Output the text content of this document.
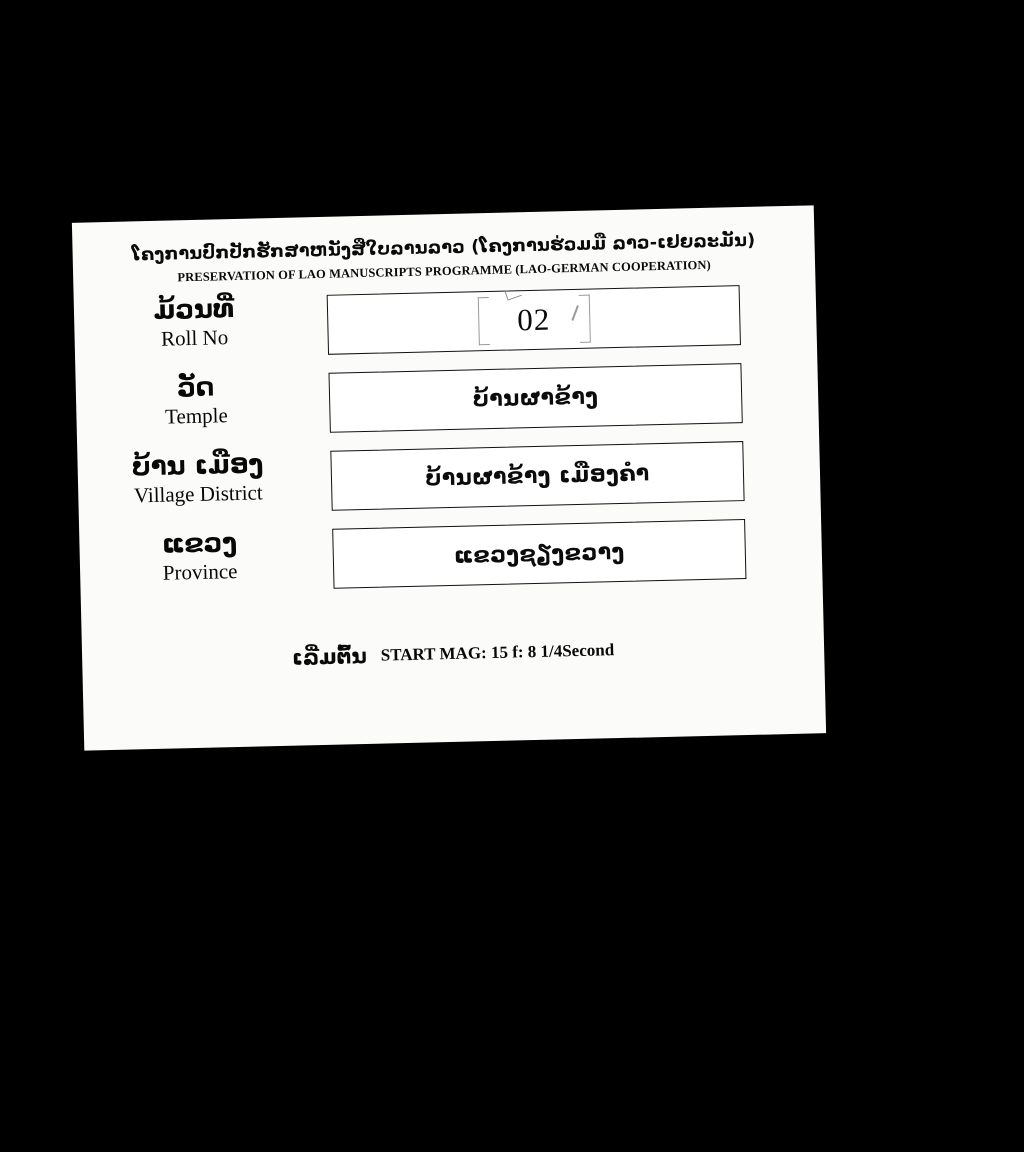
ໂຄງການປົກປັກຮັກສາຫນັງສືໃບລານລາວ (ໂຄງການຮ່ວມມື ລາວ-ເຢຍລະມັນ)
PRESERVATION OF LAO MANUSCRIPTS PROGRAMME (LAO-GERMAN COOPERATION)
ມ້ວນທີ່
Roll No
02
ວັດ
Temple
ບ້ານຜາຂ້າງ
ບ້ານ ເມືອງ
Village District
ບ້ານຜາຂ້າງ ເມືອງຄຳ
ແຂວງ
Province
ແຂວງຊຽງຂວາງ
ເລີ່ມຕົ້ນ START MAG: 15 f: 8 1/4Second
